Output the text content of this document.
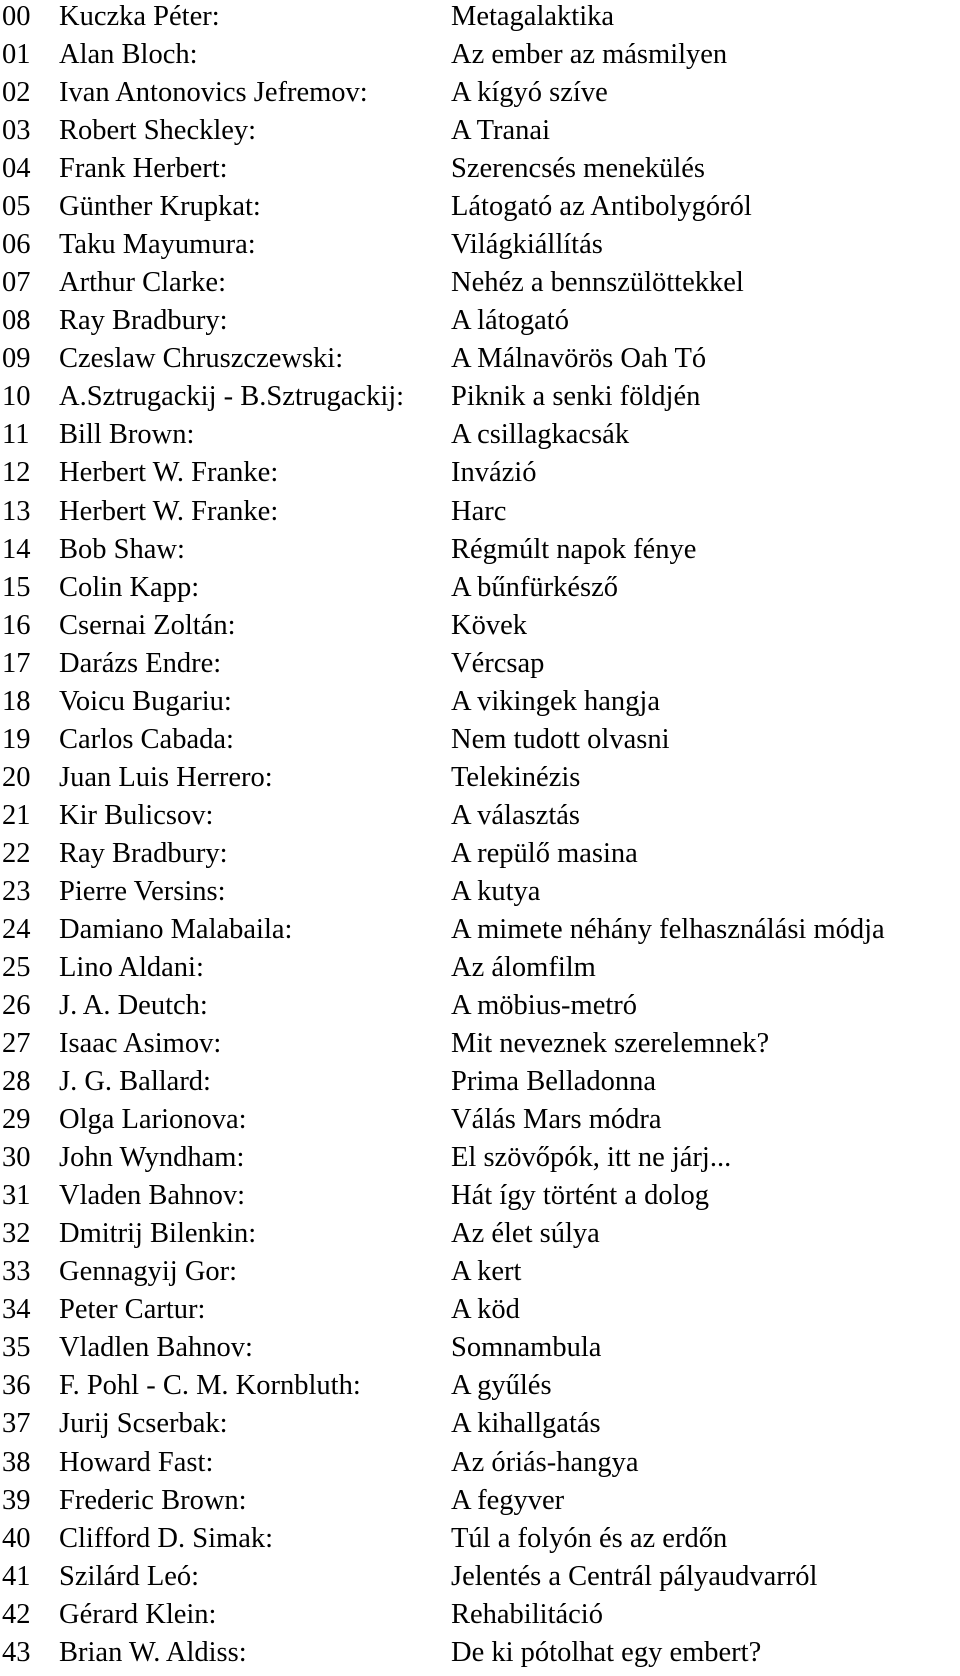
00 Kuczka Péter:	Metagalaktika
01 Alan Bloch:	Az ember az másmilyen
02 Ivan Antonovics Jefremov:	A kígyó szíve
03 Robert Sheckley:	A Tranai
04 Frank Herbert:	Szerencsés menekülés
05 Günther Krupkat:	Látogató az Antibolygóról
06 Taku Mayumura:	Világkiállítás
07 Arthur Clarke:	Nehéz a bennszülöttekkel
08 Ray Bradbury:	A látogató
09 Czeslaw Chruszczewski:	A Málnavörös Oah Tó
10 A.Sztrugackij - B.Sztrugackij: Piknik a senki földjén
11 Bill Brown:	A csillagkacsák
12 Herbert W. Franke:	Invázió
13 Herbert W. Franke:	Harc
14 Bob Shaw:	Régmúlt napok fénye
15 Colin Kapp:	A bűnfürkésző
16 Csernai Zoltán:	Kövek
17 Darázs Endre:	Vércsap
18 Voicu Bugariu:	A vikingek hangja
19 Carlos Cabada:	Nem tudott olvasni
20 Juan Luis Herrero:	Telekinézis
21 Kir Bulicsov:	A választás
22 Ray Bradbury:	A repülő masina
23 Pierre Versins:	A kutya
24 Damiano Malabaila:	A mimete néhány felhasználási módja
25 Lino Aldani:	Az álomfilm
26 J. A. Deutch:	A möbius-metró
27 Isaac Asimov:	Mit neveznek szerelemnek?
28 J. G. Ballard:	Prima Belladonna
29 Olga Larionova:	Válás Mars módra
30 John Wyndham:	El szövőpók, itt ne járj...
31 Vladen Bahnov:	Hát így történt a dolog
32 Dmitrij Bilenkin:	Az élet súlya
33 Gennagyij Gor:	A kert
34 Peter Cartur:	A köd
35 Vladlen Bahnov:	Somnambula
36 F. Pohl - C. M. Kornbluth:	A gyűlés
37 Jurij Scserbak:	A kihallgatás
38 Howard Fast:	Az óriás-hangya
39 Frederic Brown:	A fegyver
40 Clifford D. Simak:	Túl a folyón és az erdőn
41 Szilárd Leó:	Jelentés a Centrál pályaudvarról
42 Gérard Klein:	Rehabilitáció
43 Brian W. Aldiss:	De ki pótolhat egy embert?
